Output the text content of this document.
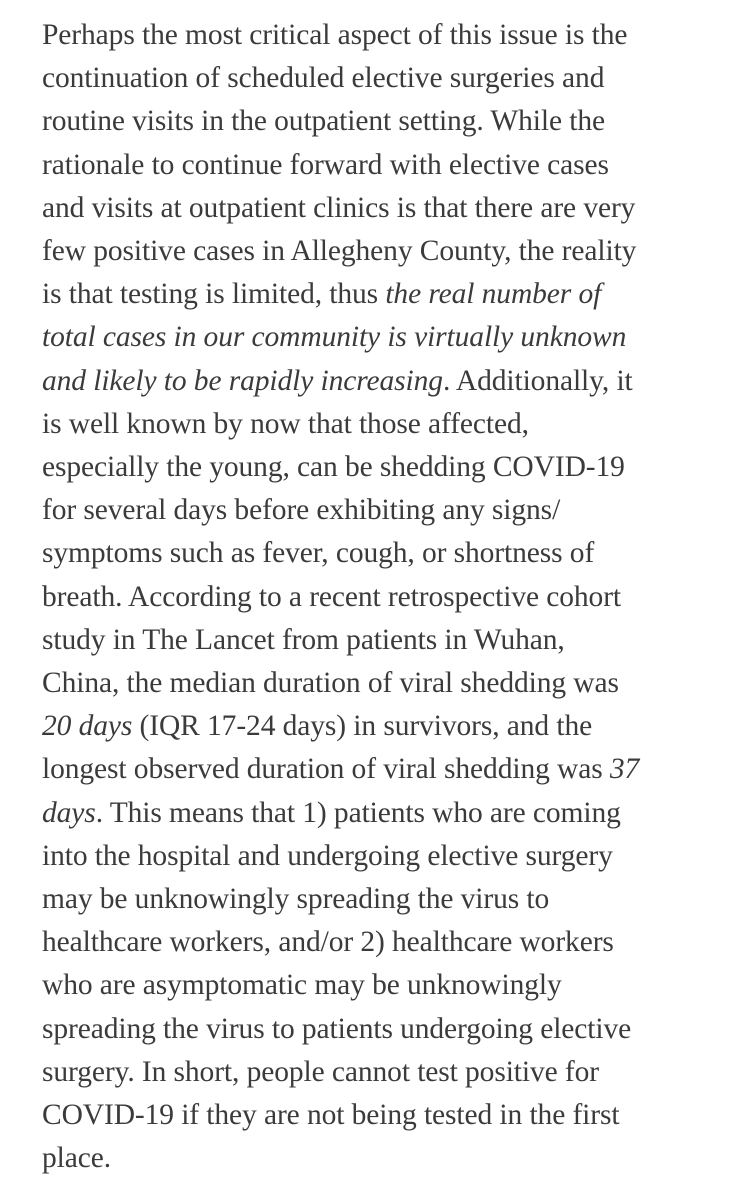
Perhaps the most critical aspect of this issue is the
continuation of scheduled elective surgeries and
routine visits in the outpatient setting. While the
rationale to continue forward with elective cases
and visits at outpatient clinics is that there are very
few positive cases in Allegheny County, the reality
is that testing is limited, thus the real number of
total cases in our community is virtually unknown
and likely to be rapidly increasing. Additionally, it
is well known by now that those affected,
especially the young, can be shedding COVID-19
for several days before exhibiting any signs/
symptoms such as fever, cough, or shortness of
breath. According to a recent retrospective cohort
study in The Lancet from patients in Wuhan,
China, the median duration of viral shedding was
20 days (IQR 17-24 days) in survivors, and the
longest observed duration of viral shedding was 37
days. This means that 1) patients who are coming
into the hospital and undergoing elective surgery
may be unknowingly spreading the virus to
healthcare workers, and/or 2) healthcare workers
who are asymptomatic may be unknowingly
spreading the virus to patients undergoing elective
surgery. In short, people cannot test positive for
COVID-19 if they are not being tested in the first
place.
